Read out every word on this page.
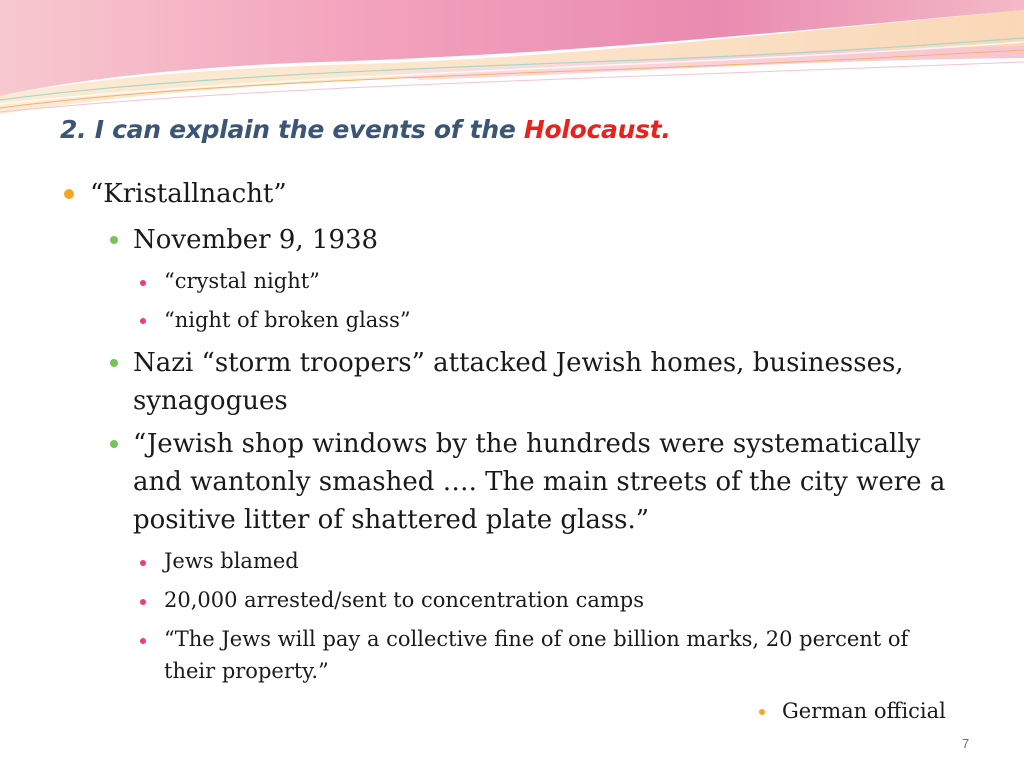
2. I can explain the events of the Holocaust.
“Kristallnacht”
November 9, 1938
“crystal night”
“night of broken glass”
Nazi “storm troopers” attacked Jewish homes, businesses,
synagogues
“Jewish shop windows by the hundreds were systematically
and wantonly smashed …. The main streets of the city were a
positive litter of shattered plate glass.”
Jews blamed
20,000 arrested/sent to concentration camps
“The Jews will pay a collective fine of one billion marks, 20 percent of
their property.”
German official
7
